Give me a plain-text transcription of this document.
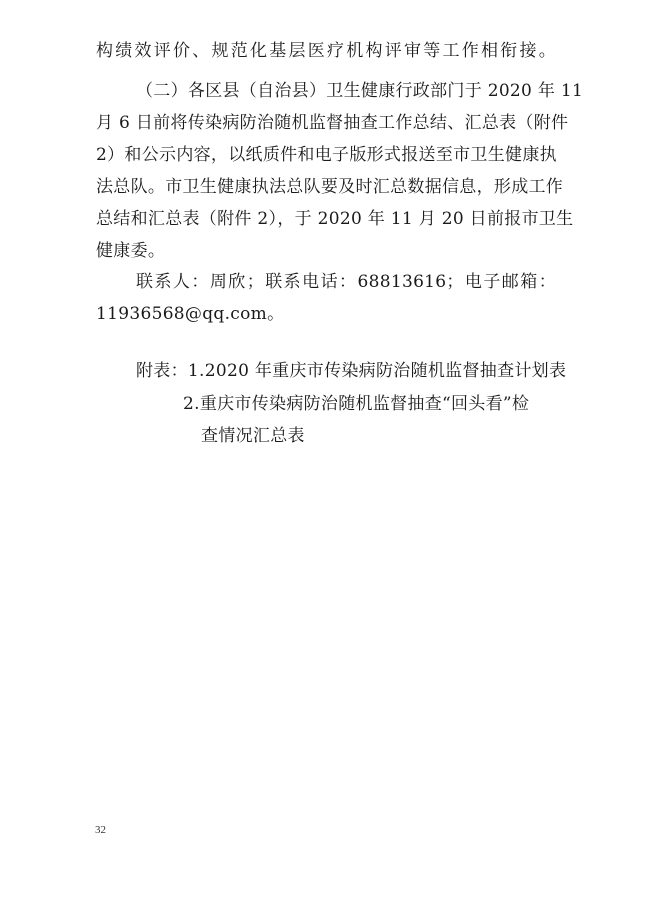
构绩效评价、规范化基层医疗机构评审等工作相衔接。
（二）各区县（自治县）卫生健康行政部门于 2020 年 11
月 6 日前将传染病防治随机监督抽查工作总结、汇总表（附件
2）和公示内容，以纸质件和电子版形式报送至市卫生健康执
法总队。市卫生健康执法总队要及时汇总数据信息，形成工作
总结和汇总表（附件 2），于 2020 年 11 月 20 日前报市卫生
健康委。
联系人：周欣；联系电话：68813616；电子邮箱：
11936568@qq.com。
附表：1.2020 年重庆市传染病防治随机监督抽查计划表
2.重庆市传染病防治随机监督抽查“回头看”检
查情况汇总表
32
